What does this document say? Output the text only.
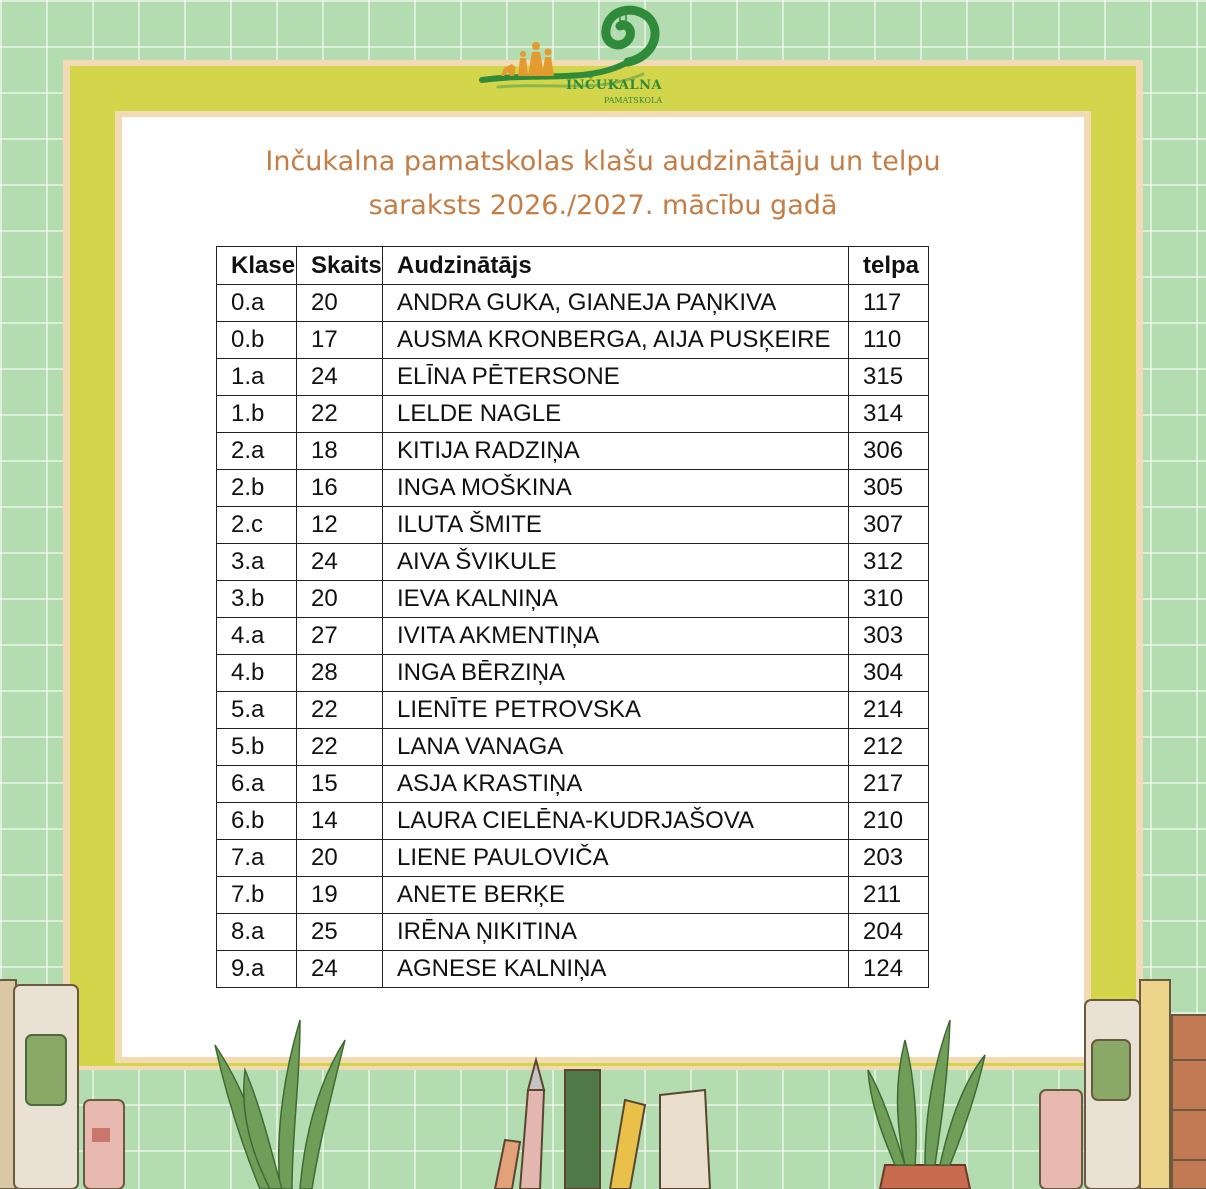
INČUKALNA
PAMATSKOLA
Inčukalna pamatskolas klašu audzinātāju un telpu
saraksts 2026./2027. mācību gadā
Klase	Skaits	Audzinātājs	telpa
0.a	20	ANDRA GUKA, GIANEJA PAŅKIVA	117
0.b	17	AUSMA KRONBERGA, AIJA PUSĶEIRE	110
1.a	24	ELĪNA PĒTERSONE	315
1.b	22	LELDE NAGLE	314
2.a	18	KITIJA RADZIŅA	306
2.b	16	INGA MOŠKINA	305
2.c	12	ILUTA ŠMITE	307
3.a	24	AIVA ŠVIKULE	312
3.b	20	IEVA KALNIŅA	310
4.a	27	IVITA AKMENTIŅA	303
4.b	28	INGA BĒRZIŅA	304
5.a	22	LIENĪTE PETROVSKA	214
5.b	22	LANA VANAGA	212
6.a	15	ASJA KRASTIŅA	217
6.b	14	LAURA CIELĒNA-KUDRJAŠOVA	210
7.a	20	LIENE PAULOVIČA	203
7.b	19	ANETE BERĶE	211
8.a	25	IRĒNA ŅIKITINA	204
9.a	24	AGNESE KALNIŅA	124
